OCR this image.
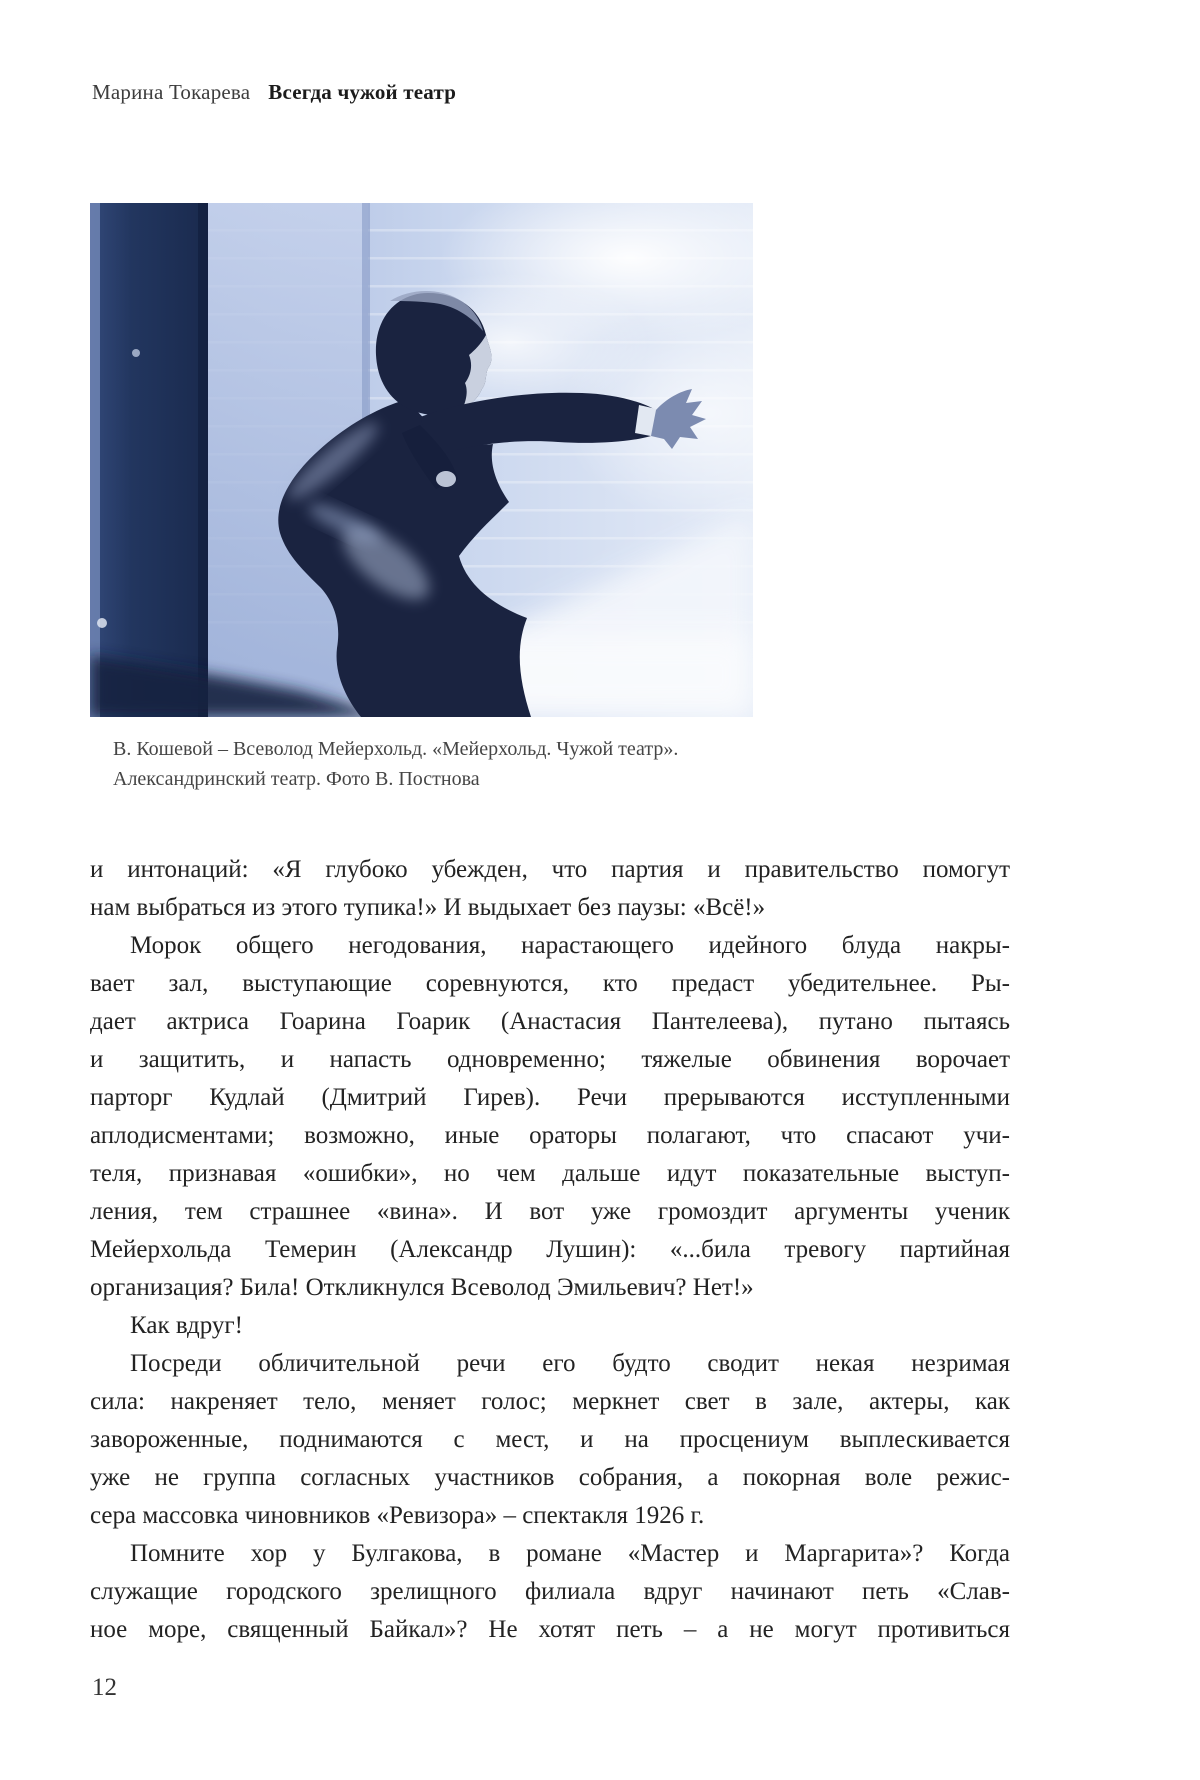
Марина Токарева Всегда чужой театр
В. Кошевой – Всеволод Мейерхольд. «Мейерхольд. Чужой театр».
Александринский театр. Фото В. Постнова
и интонаций: «Я глубоко убежден, что партия и правительство помогут
нам выбраться из этого тупика!» И выдыхает без паузы: «Всё!»
Морок общего негодования, нарастающего идейного блуда накры-
вает зал, выступающие соревнуются, кто предаст убедительнее. Ры-
дает актриса Гоарина Гоарик (Анастасия Пантелеева), путано пытаясь
и защитить, и напасть одновременно; тяжелые обвинения ворочает
парторг Кудлай (Дмитрий Гирев). Речи прерываются исступленными
аплодисментами; возможно, иные ораторы полагают, что спасают учи-
теля, признавая «ошибки», но чем дальше идут показательные выступ-
ления, тем страшнее «вина». И вот уже громоздит аргументы ученик
Мейерхольда Темерин (Александр Лушин): «...била тревогу партийная
организация? Била! Откликнулся Всеволод Эмильевич? Нет!»
Как вдруг!
Посреди обличительной речи его будто сводит некая незримая
сила: накреняет тело, меняет голос; меркнет свет в зале, актеры, как
завороженные, поднимаются с мест, и на просцениум выплескивается
уже не группа согласных участников собрания, а покорная воле режис-
сера массовка чиновников «Ревизора» – спектакля 1926 г.
Помните хор у Булгакова, в романе «Мастер и Маргарита»? Когда
служащие городского зрелищного филиала вдруг начинают петь «Слав-
ное море, священный Байкал»? Не хотят петь – а не могут противиться
12
